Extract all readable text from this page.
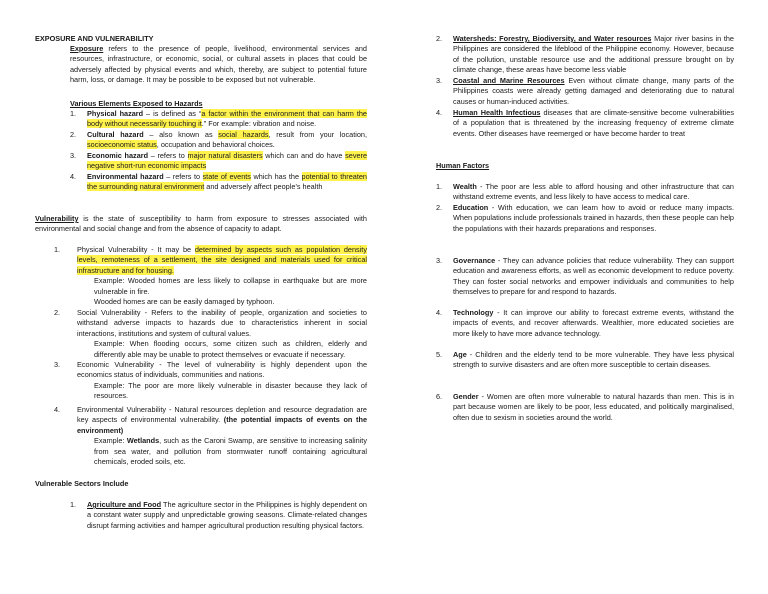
EXPOSURE AND VULNERABILITY
Exposure refers to the presence of people, livelihood, environmental services and resources, infrastructure, or economic, social, or cultural assets in places that could be adversely affected by physical events and which, thereby, are subject to potential future harm, loss, or damage. It may be possible to be exposed but not vulnerable.
Various Elements Exposed to Hazards
1. Physical hazard – is defined as “a factor within the environment that can harm the body without necessarily touching it.” For example: vibration and noise.
2. Cultural hazard – also known as social hazards, result from your location, socioeconomic status, occupation and behavioral choices.
3. Economic hazard – refers to major natural disasters which can and do have severe negative short-run economic impacts
4. Environmental hazard – refers to state of events which has the potential to threaten the surrounding natural environment and adversely affect people’s health
Vulnerability is the state of susceptibility to harm from exposure to stresses associated with environmental and social change and from the absence of capacity to adapt.
1.	Physical Vulnerability - It may be determined by aspects such as population density levels, remoteness of a settlement, the site designed and materials used for critical infrastructure and for housing.
Example: Wooded homes are less likely to collapse in earthquake but are more vulnerable in fire.
Wooded homes are can be easily damaged by typhoon.
2.	Social Vulnerability - Refers to the inability of people, organization and societies to withstand adverse impacts to hazards due to characteristics inherent in social interactions, institutions and system of cultural values.
Example: When flooding occurs, some citizen such as children, elderly and differently able may be unable to protect themselves or evacuate if necessary.
3.	Economic Vulnerability - The level of vulnerability is highly dependent upon the economics status of individuals, communities and nations.
Example: The poor are more likely vulnerable in disaster because they lack of resources.
4.	Environmental Vulnerability - Natural resources depletion and resource degradation are key aspects of environmental vulnerability. (the potential impacts of events on the environment)
Example: Wetlands, such as the Caroni Swamp, are sensitive to increasing salinity from sea water, and pollution from stormwater runoff containing agricultural chemicals, eroded soils, etc.
Vulnerable Sectors Include
1. Agriculture and Food The agriculture sector in the Philippines is highly dependent on a constant water supply and unpredictable growing seasons. Climate-related changes disrupt farming activities and hamper agricultural production resulting physical factors.
2. Watersheds: Forestry, Biodiversity, and Water resources Major river basins in the Philippines are considered the lifeblood of the Philippine economy. However, because of the pollution, unstable resource use and the additional pressure brought on by climate change, these areas have become less viable
3. Coastal and Marine Resources Even without climate change, many parts of the Philippines coasts were already getting damaged and deteriorating due to natural causes or human-induced activities.
4. Human Health Infectious diseases that are climate-sensitive become vulnerabilities of a population that is threatened by the increasing frequency of extreme climate events. Other diseases have reemerged or have become harder to treat
Human Factors
1. Wealth - The poor are less able to afford housing and other infrastructure that can withstand extreme events, and less likely to have access to medical care.
2. Education - With education, we can learn how to avoid or reduce many impacts. When populations include professionals trained in hazards, then these people can help the populations with their hazards preparations and responses.
3. Governance - They can advance policies that reduce vulnerability. They can support education and awareness efforts, as well as economic development to reduce poverty. They can foster social networks and empower individuals and communities to help themselves to prepare for and respond to hazards.
4. Technology - It can improve our ability to forecast extreme events, withstand the impacts of events, and recover afterwards. Wealthier, more educated societies are more likely to have more advance technology.
5. Age - Children and the elderly tend to be more vulnerable. They have less physical strength to survive disasters and are often more susceptible to certain diseases.
6. Gender - Women are often more vulnerable to natural hazards than men. This is in part because women are likely to be poor, less educated, and politically marginalised, often due to sexism in societies around the world.
